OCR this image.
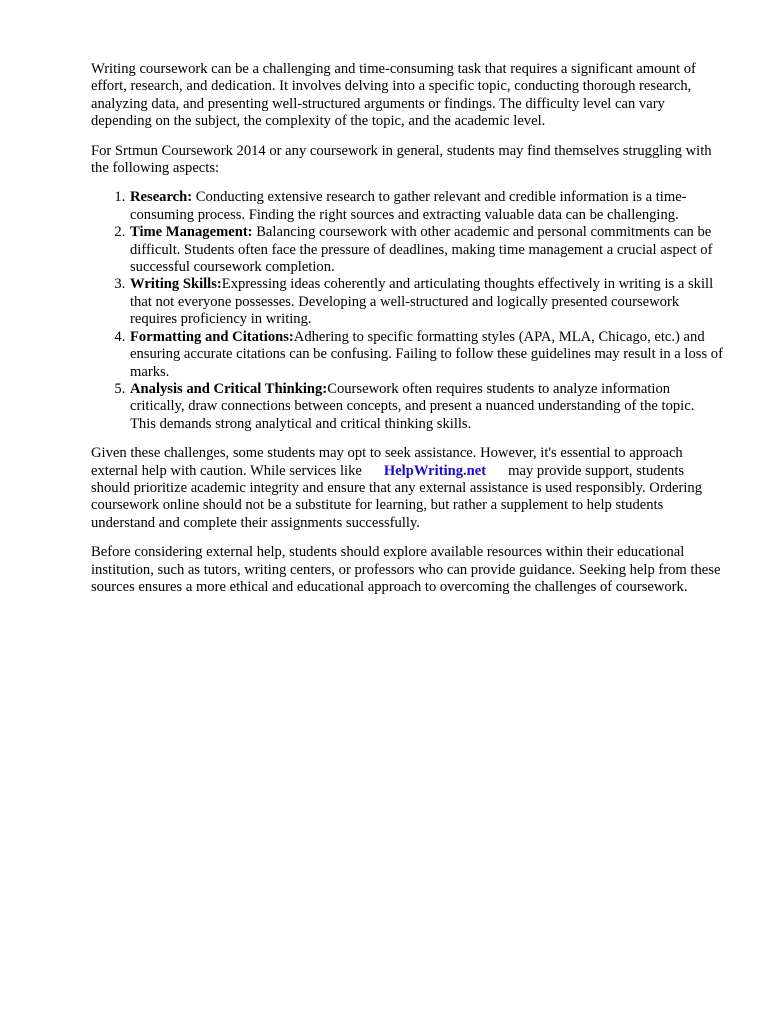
Writing coursework can be a challenging and time-consuming task that requires a significant amount of effort, research, and dedication. It involves delving into a specific topic, conducting thorough research, analyzing data, and presenting well-structured arguments or findings. The difficulty level can vary depending on the subject, the complexity of the topic, and the academic level.

For Srtmun Coursework 2014 or any coursework in general, students may find themselves struggling with the following aspects:

1. Research: Conducting extensive research to gather relevant and credible information is a time-consuming process. Finding the right sources and extracting valuable data can be challenging.
2. Time Management: Balancing coursework with other academic and personal commitments can be difficult. Students often face the pressure of deadlines, making time management a crucial aspect of successful coursework completion.
3. Writing Skills:Expressing ideas coherently and articulating thoughts effectively in writing is a skill that not everyone possesses. Developing a well-structured and logically presented coursework requires proficiency in writing.
4. Formatting and Citations:Adhering to specific formatting styles (APA, MLA, Chicago, etc.) and ensuring accurate citations can be confusing. Failing to follow these guidelines may result in a loss of marks.
5. Analysis and Critical Thinking:Coursework often requires students to analyze information critically, draw connections between concepts, and present a nuanced understanding of the topic. This demands strong analytical and critical thinking skills.

Given these challenges, some students may opt to seek assistance. However, it's essential to approach external help with caution. While services like HelpWriting.net may provide support, students should prioritize academic integrity and ensure that any external assistance is used responsibly. Ordering coursework online should not be a substitute for learning, but rather a supplement to help students understand and complete their assignments successfully.

Before considering external help, students should explore available resources within their educational institution, such as tutors, writing centers, or professors who can provide guidance. Seeking help from these sources ensures a more ethical and educational approach to overcoming the challenges of coursework.
